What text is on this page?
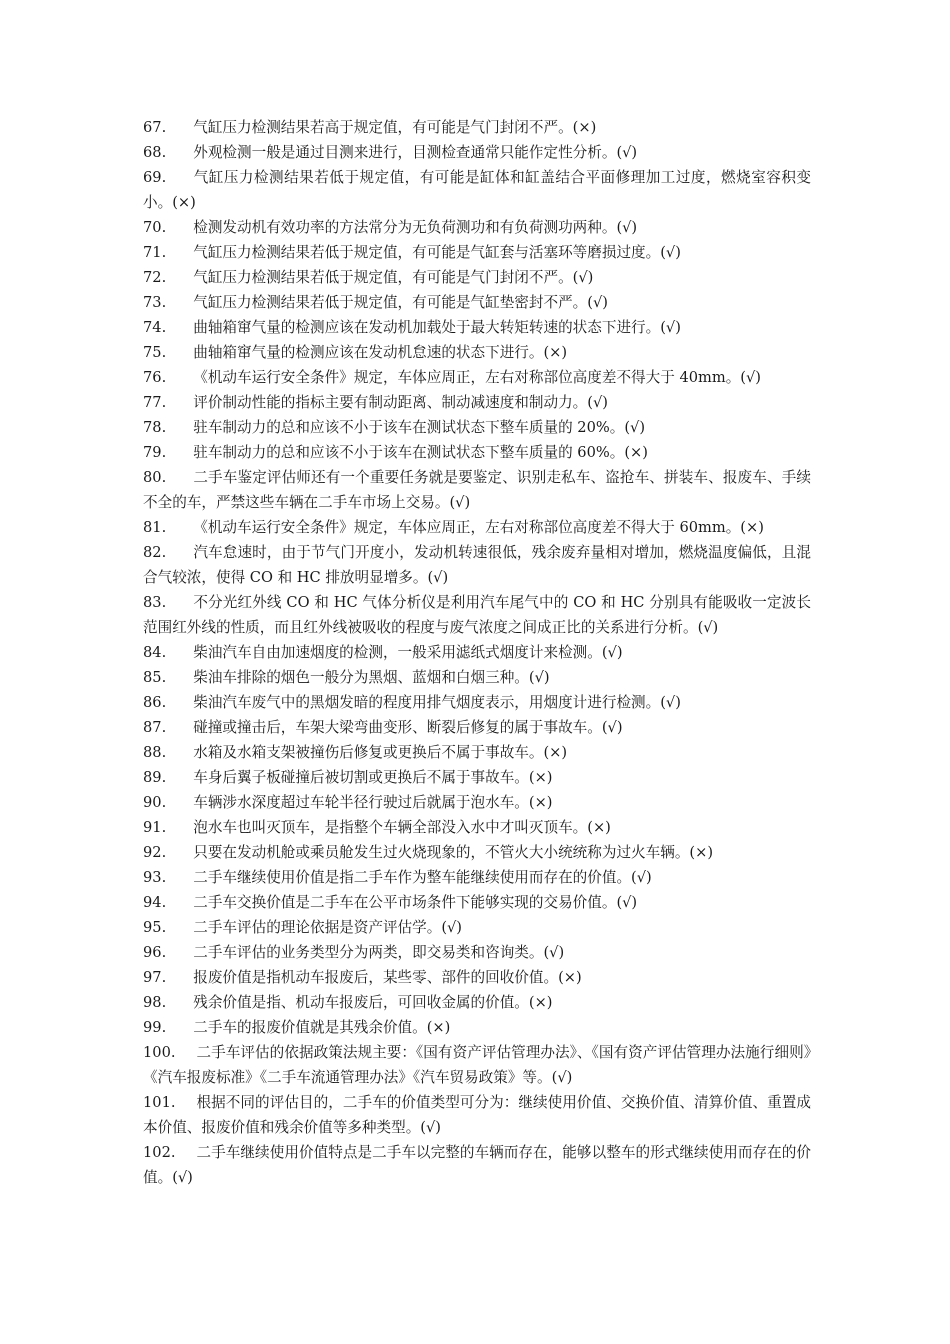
67. 气缸压力检测结果若高于规定值，有可能是气门封闭不严。(×)

68. 外观检测一般是通过目测来进行，目测检查通常只能作定性分析。(√)

69. 气缸压力检测结果若低于规定值，有可能是缸体和缸盖结合平面修理加工过度，燃烧室容积变小。(×)

70. 检测发动机有效功率的方法常分为无负荷测功和有负荷测功两种。(√)

71. 气缸压力检测结果若低于规定值，有可能是气缸套与活塞环等磨损过度。(√)

72. 气缸压力检测结果若低于规定值，有可能是气门封闭不严。(√)

73. 气缸压力检测结果若低于规定值，有可能是气缸垫密封不严。(√)

74. 曲轴箱窜气量的检测应该在发动机加载处于最大转矩转速的状态下进行。(√)

75. 曲轴箱窜气量的检测应该在发动机怠速的状态下进行。(×)

76. 《机动车运行安全条件》规定，车体应周正，左右对称部位高度差不得大于 40mm。(√)

77. 评价制动性能的指标主要有制动距离、制动减速度和制动力。(√)

78. 驻车制动力的总和应该不小于该车在测试状态下整车质量的 20%。(√)

79. 驻车制动力的总和应该不小于该车在测试状态下整车质量的 60%。(×)

80. 二手车鉴定评估师还有一个重要任务就是要鉴定、识别走私车、盗抢车、拼装车、报废车、手续不全的车，严禁这些车辆在二手车市场上交易。(√)

81. 《机动车运行安全条件》规定，车体应周正，左右对称部位高度差不得大于 60mm。(×)

82. 汽车怠速时，由于节气门开度小，发动机转速很低，残余废弃量相对增加，燃烧温度偏低，且混合气较浓，使得 CO 和 HC 排放明显增多。(√)

83. 不分光红外线 CO 和 HC 气体分析仪是利用汽车尾气中的 CO 和 HC 分别具有能吸收一定波长范围红外线的性质，而且红外线被吸收的程度与废气浓度之间成正比的关系进行分析。(√)

84. 柴油汽车自由加速烟度的检测，一般采用滤纸式烟度计来检测。(√)

85. 柴油车排除的烟色一般分为黑烟、蓝烟和白烟三种。(√)

86. 柴油汽车废气中的黑烟发暗的程度用排气烟度表示，用烟度计进行检测。(√)

87. 碰撞或撞击后，车架大梁弯曲变形、断裂后修复的属于事故车。(√)

88. 水箱及水箱支架被撞伤后修复或更换后不属于事故车。(×)

89. 车身后翼子板碰撞后被切割或更换后不属于事故车。(×)

90. 车辆涉水深度超过车轮半径行驶过后就属于泡水车。(×)

91. 泡水车也叫灭顶车，是指整个车辆全部没入水中才叫灭顶车。(×)

92. 只要在发动机舱或乘员舱发生过火烧现象的，不管火大小统统称为过火车辆。(×)

93. 二手车继续使用价值是指二手车作为整车能继续使用而存在的价值。(√)

94. 二手车交换价值是二手车在公平市场条件下能够实现的交易价值。(√)

95. 二手车评估的理论依据是资产评估学。(√)

96. 二手车评估的业务类型分为两类，即交易类和咨询类。(√)

97. 报废价值是指机动车报废后，某些零、部件的回收价值。(×)

98. 残余价值是指、机动车报废后，可回收金属的价值。(×)

99. 二手车的报废价值就是其残余价值。(×)

100. 二手车评估的依据政策法规主要：《国有资产评估管理办法》、《国有资产评估管理办法施行细则》《汽车报废标准》《二手车流通管理办法》《汽车贸易政策》等。(√)

101. 根据不同的评估目的，二手车的价值类型可分为：继续使用价值、交换价值、清算价值、重置成本价值、报废价值和残余价值等多种类型。(√)

102. 二手车继续使用价值特点是二手车以完整的车辆而存在，能够以整车的形式继续使用而存在的价值。(√)
